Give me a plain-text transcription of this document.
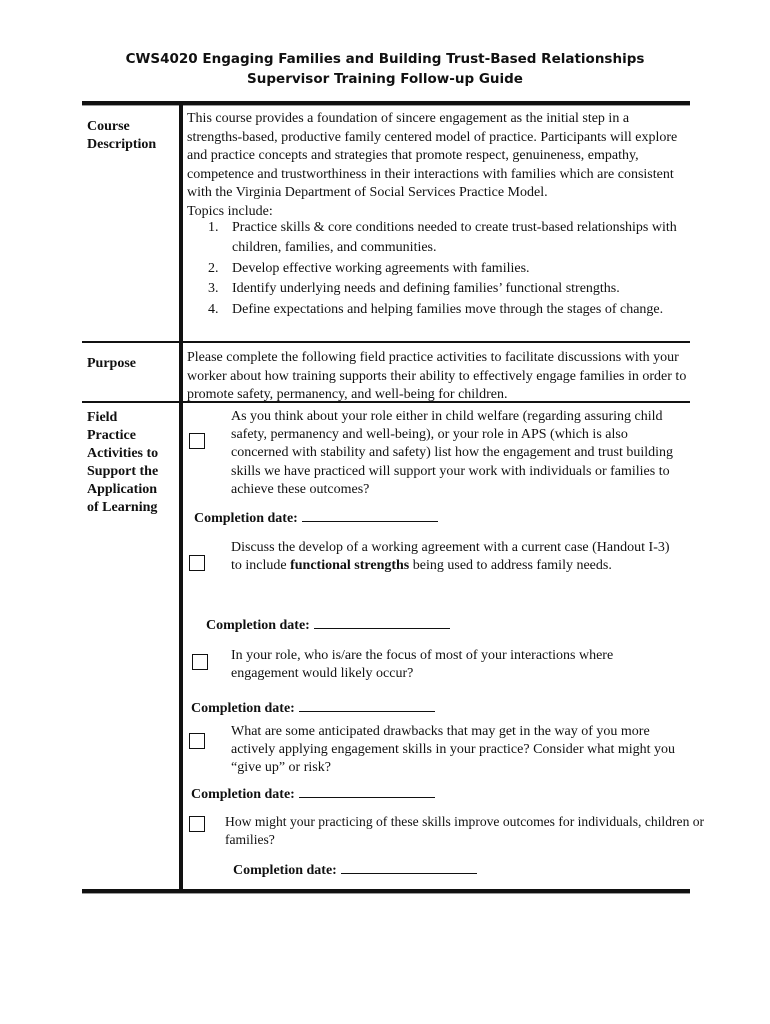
CWS4020 Engaging Families and Building Trust-Based Relationships
Supervisor Training Follow-up Guide
Course
Description
This course provides a foundation of sincere engagement as the initial step in a strengths-based, productive family centered model of practice. Participants will explore and practice concepts and strategies that promote respect, genuineness, empathy, competence and trustworthiness in their interactions with families which are consistent with the Virginia Department of Social Services Practice Model.
Topics include:
1. Practice skills & core conditions needed to create trust-based relationships with children, families, and communities.
2. Develop effective working agreements with families.
3. Identify underlying needs and defining families’ functional strengths.
4. Define expectations and helping families move through the stages of change.
Purpose	Please complete the following field practice activities to facilitate discussions with your worker about how training supports their ability to effectively engage families in order to promote safety, permanency, and well-being for children.
Field
Practice
Activities to
Support the
Application
of Learning
As you think about your role either in child welfare (regarding assuring child safety, permanency and well-being), or your role in APS (which is also concerned with stability and safety) list how the engagement and trust building skills we have practiced will support your work with individuals or families to achieve these outcomes?
Completion date:
Discuss the develop of a working agreement with a current case (Handout I-3) to include functional strengths being used to address family needs.
Completion date:
In your role, who is/are the focus of most of your interactions where engagement would likely occur?
Completion date:
What are some anticipated drawbacks that may get in the way of you more actively applying engagement skills in your practice? Consider what might you “give up” or risk?
Completion date:
How might your practicing of these skills improve outcomes for individuals, children or families?
Completion date:
